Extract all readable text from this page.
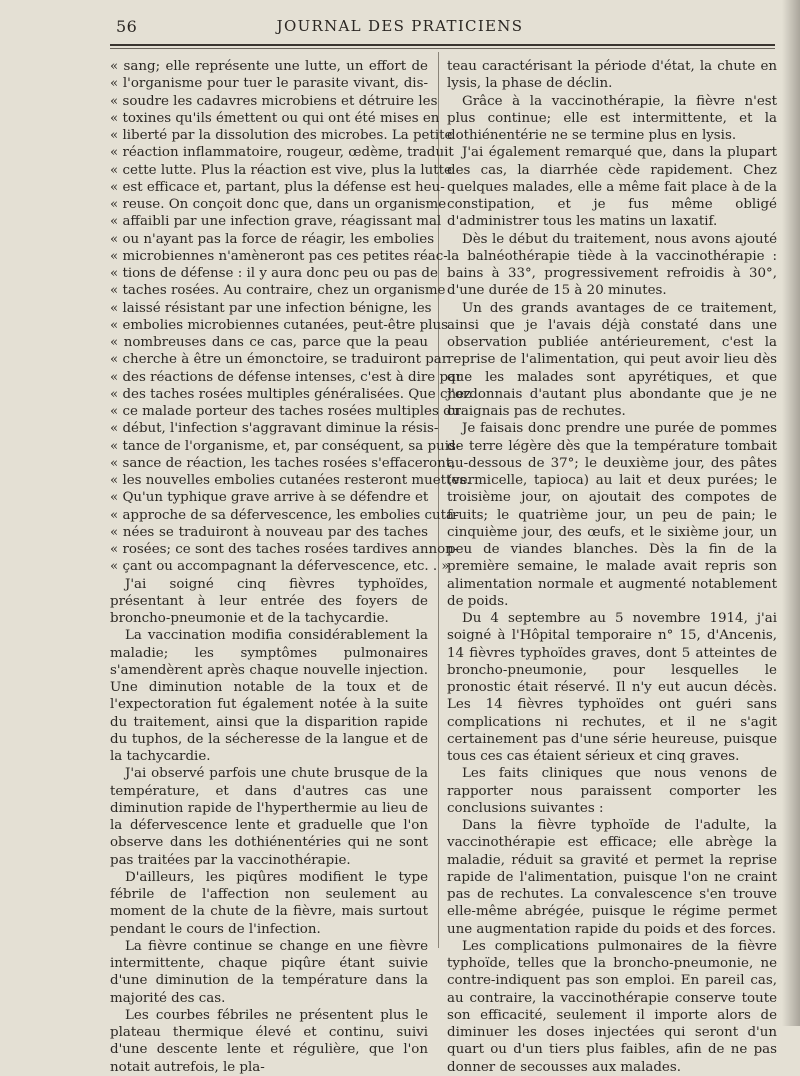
56	JOURNAL DES PRATICIENS
« sang; elle représente une lutte, un effort de
« l'organisme pour tuer le parasite vivant, dis-
« soudre les cadavres microbiens et détruire les
« toxines qu'ils émettent ou qui ont été mises en
« liberté par la dissolution des microbes. La petite
« réaction inflammatoire, rougeur, œdème, traduit
« cette lutte. Plus la réaction est vive, plus la lutte
« est efficace et, partant, plus la défense est heu-
« reuse. On conçoit donc que, dans un organisme
« affaibli par une infection grave, réagissant mal
« ou n'ayant pas la force de réagir, les embolies
« microbiennes n'amèneront pas ces petites réac-
« tions de défense : il y aura donc peu ou pas de
« taches rosées. Au contraire, chez un organisme
« laissé résistant par une infection bénigne, les
« embolies microbiennes cutanées, peut-être plus
« nombreuses dans ce cas, parce que la peau
« cherche à être un émonctoire, se traduiront par
« des réactions de défense intenses, c'est à dire par
« des taches rosées multiples généralisées. Que chez
« ce malade porteur des taches rosées multiples du
« début, l'infection s'aggravant diminue la résis-
« tance de l'organisme, et, par conséquent, sa puis-
« sance de réaction, les taches rosées s'effaceront,
« les nouvelles embolies cutanées resteront muettes.
« Qu'un typhique grave arrive à se défendre et
« approche de sa défervescence, les embolies cuta-
« nées se traduiront à nouveau par des taches
« rosées; ce sont des taches rosées tardives annon-
« çant ou accompagnant la défervescence, etc. . »

J'ai soigné cinq fièvres typhoïdes, présentant à leur entrée des foyers de broncho-pneumonie et de la tachycardie.

La vaccination modifia considérablement la maladie; les symptômes pulmonaires s'amendèrent après chaque nouvelle injection. Une diminution notable de la toux et de l'expectoration fut également notée à la suite du traitement, ainsi que la disparition rapide du tuphos, de la sécheresse de la langue et de la tachycardie.

J'ai observé parfois une chute brusque de la température, et dans d'autres cas une diminution rapide de l'hyperthermie au lieu de la défervescence lente et graduelle que l'on observe dans les dothiénentéries qui ne sont pas traitées par la vaccinothérapie.

D'ailleurs, les piqûres modifient le type fébrile de l'affection non seulement au moment de la chute de la fièvre, mais surtout pendant le cours de l'infection.

La fièvre continue se change en une fièvre intermittente, chaque piqûre étant suivie d'une diminution de la température dans la majorité des cas.

Les courbes fébriles ne présentent plus le plateau thermique élevé et continu, suivi d'une descente lente et régulière, que l'on notait autrefois, le pla-

teau caractérisant la période d'état, la chute en lysis, la phase de déclin.

Grâce à la vaccinothérapie, la fièvre n'est plus continue; elle est intermittente, et la dothiénentérie ne se termine plus en lysis.

J'ai également remarqué que, dans la plupart des cas, la diarrhée cède rapidement. Chez quelques malades, elle a même fait place à de la constipation, et je fus même obligé d'administrer tous les matins un laxatif.

Dès le début du traitement, nous avons ajouté la balnéothérapie tiède à la vaccinothérapie : bains à 33°, progressivement refroidis à 30°, d'une durée de 15 à 20 minutes.

Un des grands avantages de ce traitement, ainsi que je l'avais déjà constaté dans une observation publiée antérieurement, c'est la reprise de l'alimentation, qui peut avoir lieu dès que les malades sont apyrétiques, et que j'ordonnais d'autant plus abondante que je ne craignais pas de rechutes.

Je faisais donc prendre une purée de pommes de terre légère dès que la température tombait au-dessous de 37°; le deuxième jour, des pâtes (vermicelle, tapioca) au lait et deux purées; le troisième jour, on ajoutait des compotes de fruits; le quatrième jour, un peu de pain; le cinquième jour, des œufs, et le sixième jour, un peu de viandes blanches. Dès la fin de la première semaine, le malade avait repris son alimentation normale et augmenté notablement de poids.

Du 4 septembre au 5 novembre 1914, j'ai soigné à l'Hôpital temporaire n° 15, d'Ancenis, 14 fièvres typhoïdes graves, dont 5 atteintes de broncho-pneumonie, pour lesquelles le pronostic était réservé. Il n'y eut aucun décès. Les 14 fièvres typhoïdes ont guéri sans complications ni rechutes, et il ne s'agit certainement pas d'une série heureuse, puisque tous ces cas étaient sérieux et cinq graves.

Les faits cliniques que nous venons de rapporter nous paraissent comporter les conclusions suivantes :

Dans la fièvre typhoïde de l'adulte, la vaccinothérapie est efficace; elle abrège la maladie, réduit sa gravité et permet la reprise rapide de l'alimentation, puisque l'on ne craint pas de rechutes. La convalescence s'en trouve elle-même abrégée, puisque le régime permet une augmentation rapide du poids et des forces.

Les complications pulmonaires de la fièvre typhoïde, telles que la broncho-pneumonie, ne contre-indiquent pas son emploi. En pareil cas, au contraire, la vaccinothérapie conserve toute son efficacité, seulement il importe alors de diminuer les doses injectées qui seront d'un quart ou d'un tiers plus faibles, afin de ne pas donner de secousses aux malades.
